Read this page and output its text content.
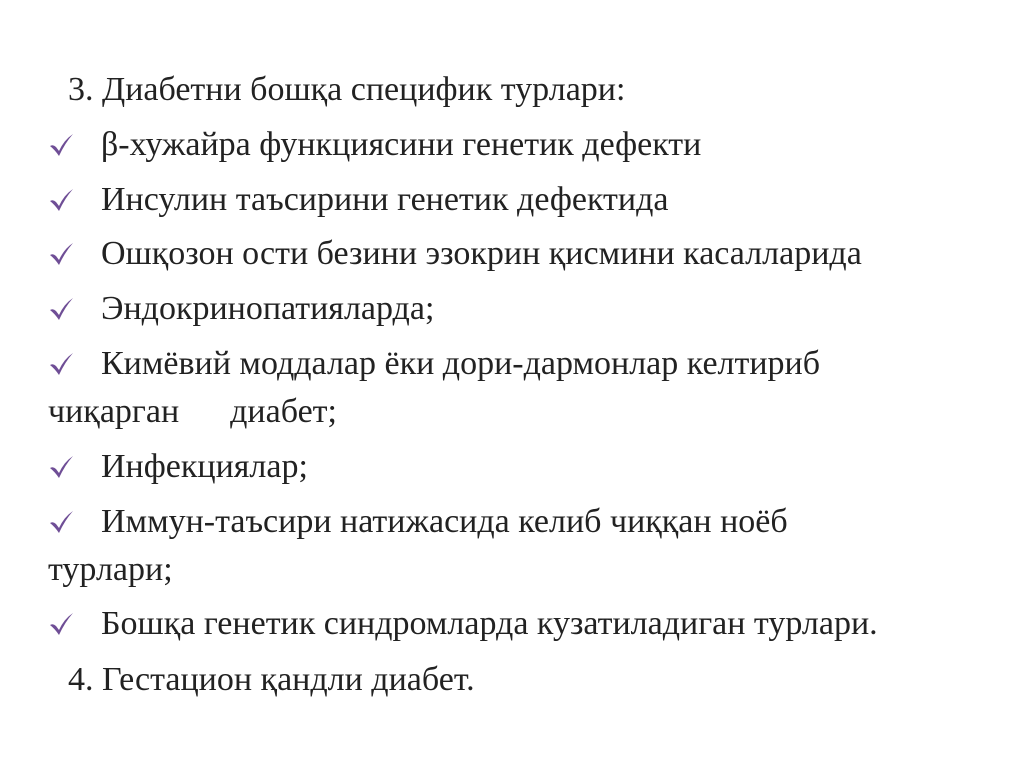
3. Диабетни бошқа специфик турлари:
β-хужайра функциясини генетик дефекти
Инсулин таъсирини генетик дефектида
Ошқозон ости безини эзокрин қисмини касалларида
Эндокринопатияларда;
Кимёвий моддалар ёки дори-дармонлар келтириб
чиқарган      диабет;
Инфекциялар;
Иммун-таъсири натижасида келиб чиққан ноёб
турлари;
Бошқа генетик синдромларда кузатиладиган турлари.
4. Гестацион қандли диабет.
